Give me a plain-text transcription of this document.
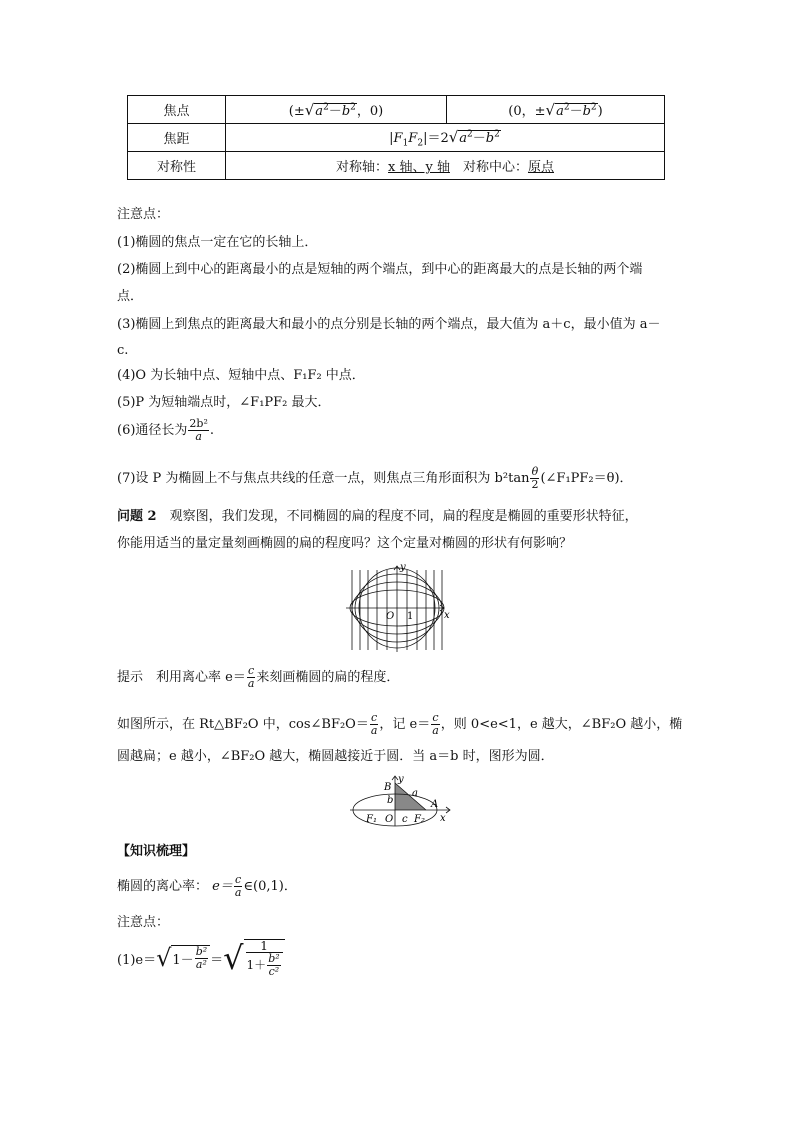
焦点	($\pm√a^2-b^2$，0)	(0，$\pm√a^2-b^2$)
焦距	$|F_1F_2|=2√a^2-b^2$
对称性	对称轴：x 轴、y 轴　对称中心：原点	
注意点：
(1)椭圆的焦点一定在它的长轴上．
(2)椭圆上到中心的距离最小的点是短轴的两个端点，到中心的距离最大的点是长轴的两个端
点．
(3)椭圆上到焦点的距离最大和最小的点分别是长轴的两个端点，最大值为 a＋c，最小值为 a－
c.
(4)O 为长轴中点、短轴中点、F₁F₂ 中点．
(5)P 为短轴端点时，∠F₁PF₂ 最大．
(6)通径长为 $\frac{\text{2b²}}{a}$ .
(7)设 P 为椭圆上不与焦点共线的任意一点，则焦点三角形面积为 $b^2\tan \frac{\theta}{2}$ (∠F₁PF₂＝θ)．
问题 2　 观察图，我们发现，不同椭圆的扁的程度不同，扁的程度是椭圆的重要形状特征，
你能用适当的量定量刻画椭圆的扁的程度吗？这个定量对椭圆的形状有何影响？
y
x
O 1
提示　 利用离心率 $e= \frac{c}{a}$ 来刻画椭圆的扁的程度．
如图所示，在 Rt△BF₂O 中，cos∠BF₂O＝ $\frac{c}{a}$ ，记 $e= \frac{c}{a}$ ，则 0<e<1，e 越大，∠BF₂O 越小，椭
圆越扁；e 越小，∠BF₂O 越大，椭圆越接近于圆．当 a＝b 时，图形为圆．
B
y
b
a
A
F₁ O c F₂ x
【知识梳理】
椭圆的离心率： $e= \frac{c}{a}$ ∈(0,1)．
注意点：
(1)e＝ √ $1- \frac{\text{b²}}{\text{a²}}$ ＝ √ $\frac{1}{1+ \frac{\text{b²}}{\text{c²}}}$
